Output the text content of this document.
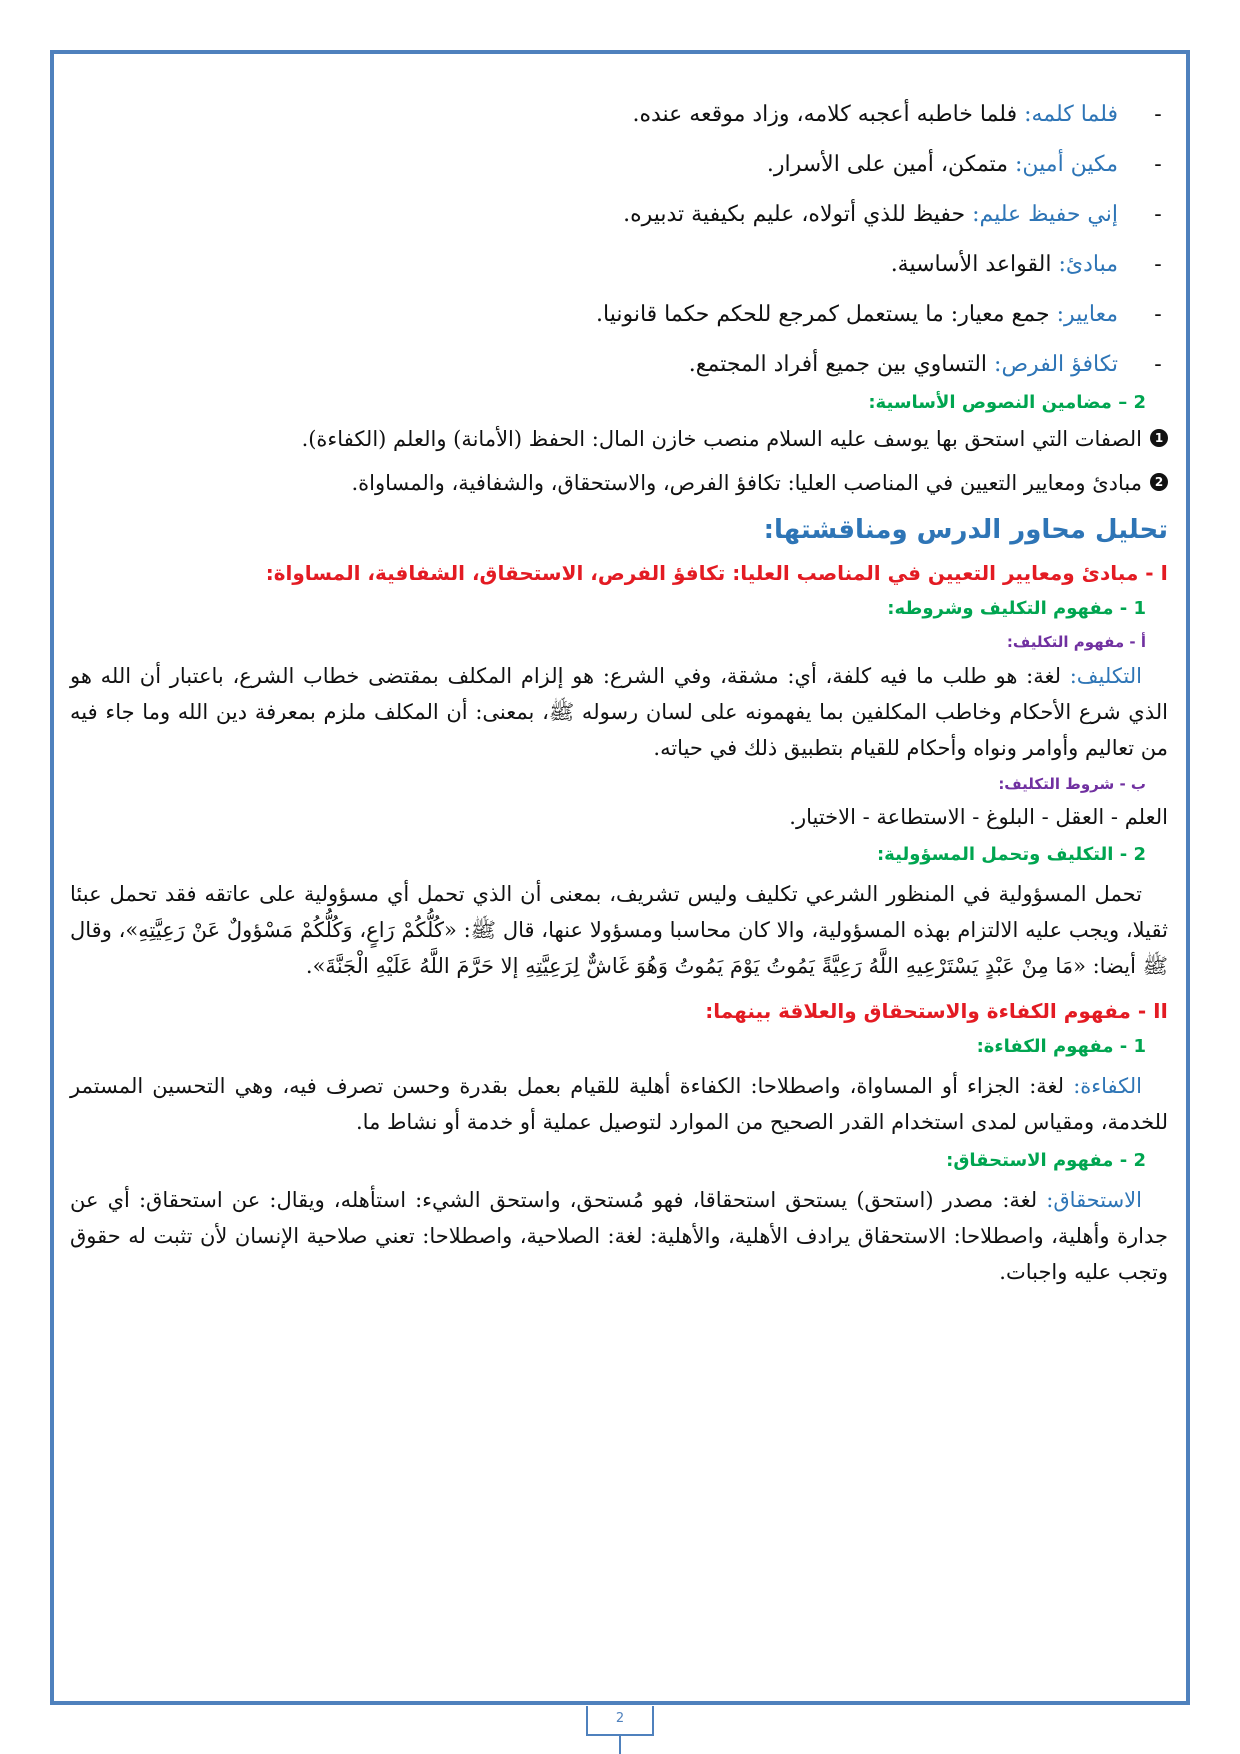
-
فلما كلمه: فلما خاطبه أعجبه كلامه، وزاد موقعه عنده.
-
مكين أمين: متمكن، أمين على الأسرار.
-
إني حفيظ عليم: حفيظ للذي أتولاه، عليم بكيفية تدبيره.
-
مبادئ: القواعد الأساسية.
-
معايير: جمع معيار: ما يستعمل كمرجع للحكم حكما قانونيا.
-
تكافؤ الفرص: التساوي بين جميع أفراد المجتمع.
2 – مضامين النصوص الأساسية:
1
الصفات التي استحق بها يوسف عليه السلام منصب خازن المال: الحفظ (الأمانة) والعلم (الكفاءة).
2
مبادئ ومعايير التعيين في المناصب العليا: تكافؤ الفرص، والاستحقاق، والشفافية، والمساواة.
تحليل محاور الدرس ومناقشتها:
I - مبادئ ومعايير التعيين في المناصب العليا: تكافؤ الفرص، الاستحقاق، الشفافية، المساواة:
1 - مفهوم التكليف وشروطه:
أ - مفهوم التكليف:

التكليف: لغة: هو طلب ما فيه كلفة، أي: مشقة، وفي الشرع: هو إلزام المكلف بمقتضى خطاب الشرع، باعتبار أن الله هو الذي شرع الأحكام وخاطب المكلفين بما يفهمونه على لسان رسوله ﷺ، بمعنى: أن المكلف ملزم بمعرفة دين الله وما جاء فيه من تعاليم وأوامر ونواه وأحكام للقيام بتطبيق ذلك في حياته.

ب - شروط التكليف:

العلم - العقل - البلوغ - الاستطاعة - الاختيار.

2 - التكليف وتحمل المسؤولية:

تحمل المسؤولية في المنظور الشرعي تكليف وليس تشريف، بمعنى أن الذي تحمل أي مسؤولية على عاتقه فقد تحمل عبئا ثقيلا، ويجب عليه الالتزام بهذه المسؤولية، والا كان محاسبا ومسؤولا عنها، قال ﷺ: «كُلُّكُمْ رَاعٍ، وَكُلُّكُمْ مَسْؤولٌ عَنْ رَعِيَّتِهِ»، وقال ﷺ أيضا: «مَا مِنْ عَبْدٍ يَسْتَرْعِيهِ اللَّهُ رَعِيَّةً يَمُوتُ يَوْمَ يَمُوتُ وَهُوَ غَاشٌّ لِرَعِيَّتِهِ إلا حَرَّمَ اللَّهُ عَلَيْهِ الْجَنَّةَ».

II - مفهوم الكفاءة والاستحقاق والعلاقة بينهما:
1 - مفهوم الكفاءة:

الكفاءة: لغة: الجزاء أو المساواة، واصطلاحا: الكفاءة أهلية للقيام بعمل بقدرة وحسن تصرف فيه، وهي التحسين المستمر للخدمة، ومقياس لمدى استخدام القدر الصحيح من الموارد لتوصيل عملية أو خدمة أو نشاط ما.

2 - مفهوم الاستحقاق:

الاستحقاق: لغة: مصدر (استحق) يستحق استحقاقا، فهو مُستحق، واستحق الشيء: استأهله، ويقال: عن استحقاق: أي عن جدارة وأهلية، واصطلاحا: الاستحقاق يرادف الأهلية، والأهلية: لغة: الصلاحية، واصطلاحا: تعني صلاحية الإنسان لأن تثبت له حقوق وتجب عليه واجبات.

2
